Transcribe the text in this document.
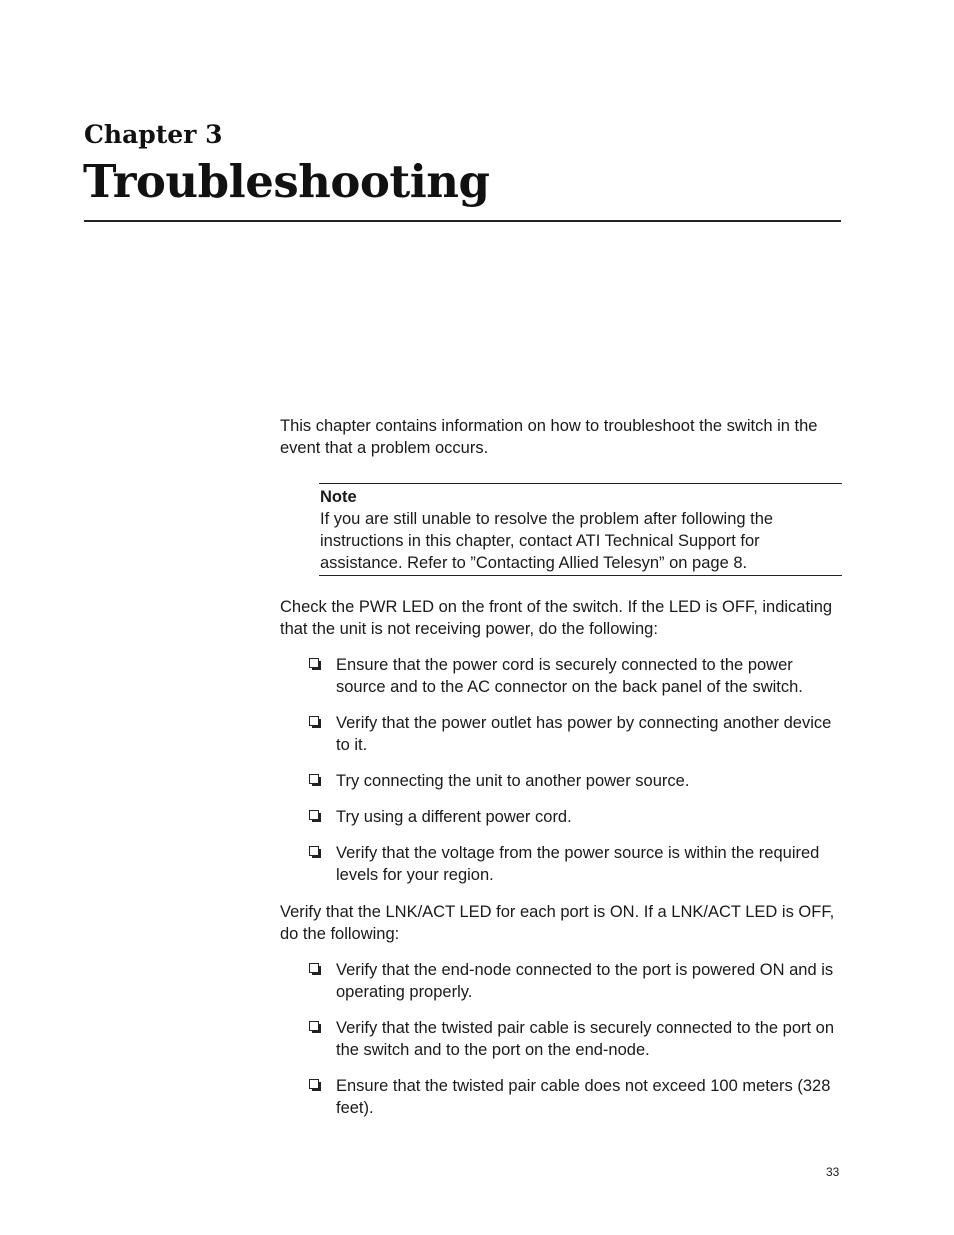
Chapter 3
Troubleshooting

This chapter contains information on how to troubleshoot the switch in the event that a problem occurs.

Note
If you are still unable to resolve the problem after following the instructions in this chapter, contact ATI Technical Support for assistance. Refer to ”Contacting Allied Telesyn” on page 8.

Check the PWR LED on the front of the switch. If the LED is OFF, indicating that the unit is not receiving power, do the following:

Ensure that the power cord is securely connected to the power source and to the AC connector on the back panel of the switch.
Verify that the power outlet has power by connecting another device to it.
Try connecting the unit to another power source.
Try using a different power cord.
Verify that the voltage from the power source is within the required levels for your region.

Verify that the LNK/ACT LED for each port is ON. If a LNK/ACT LED is OFF, do the following:

Verify that the end-node connected to the port is powered ON and is operating properly.
Verify that the twisted pair cable is securely connected to the port on the switch and to the port on the end-node.
Ensure that the twisted pair cable does not exceed 100 meters (328 feet).
33
